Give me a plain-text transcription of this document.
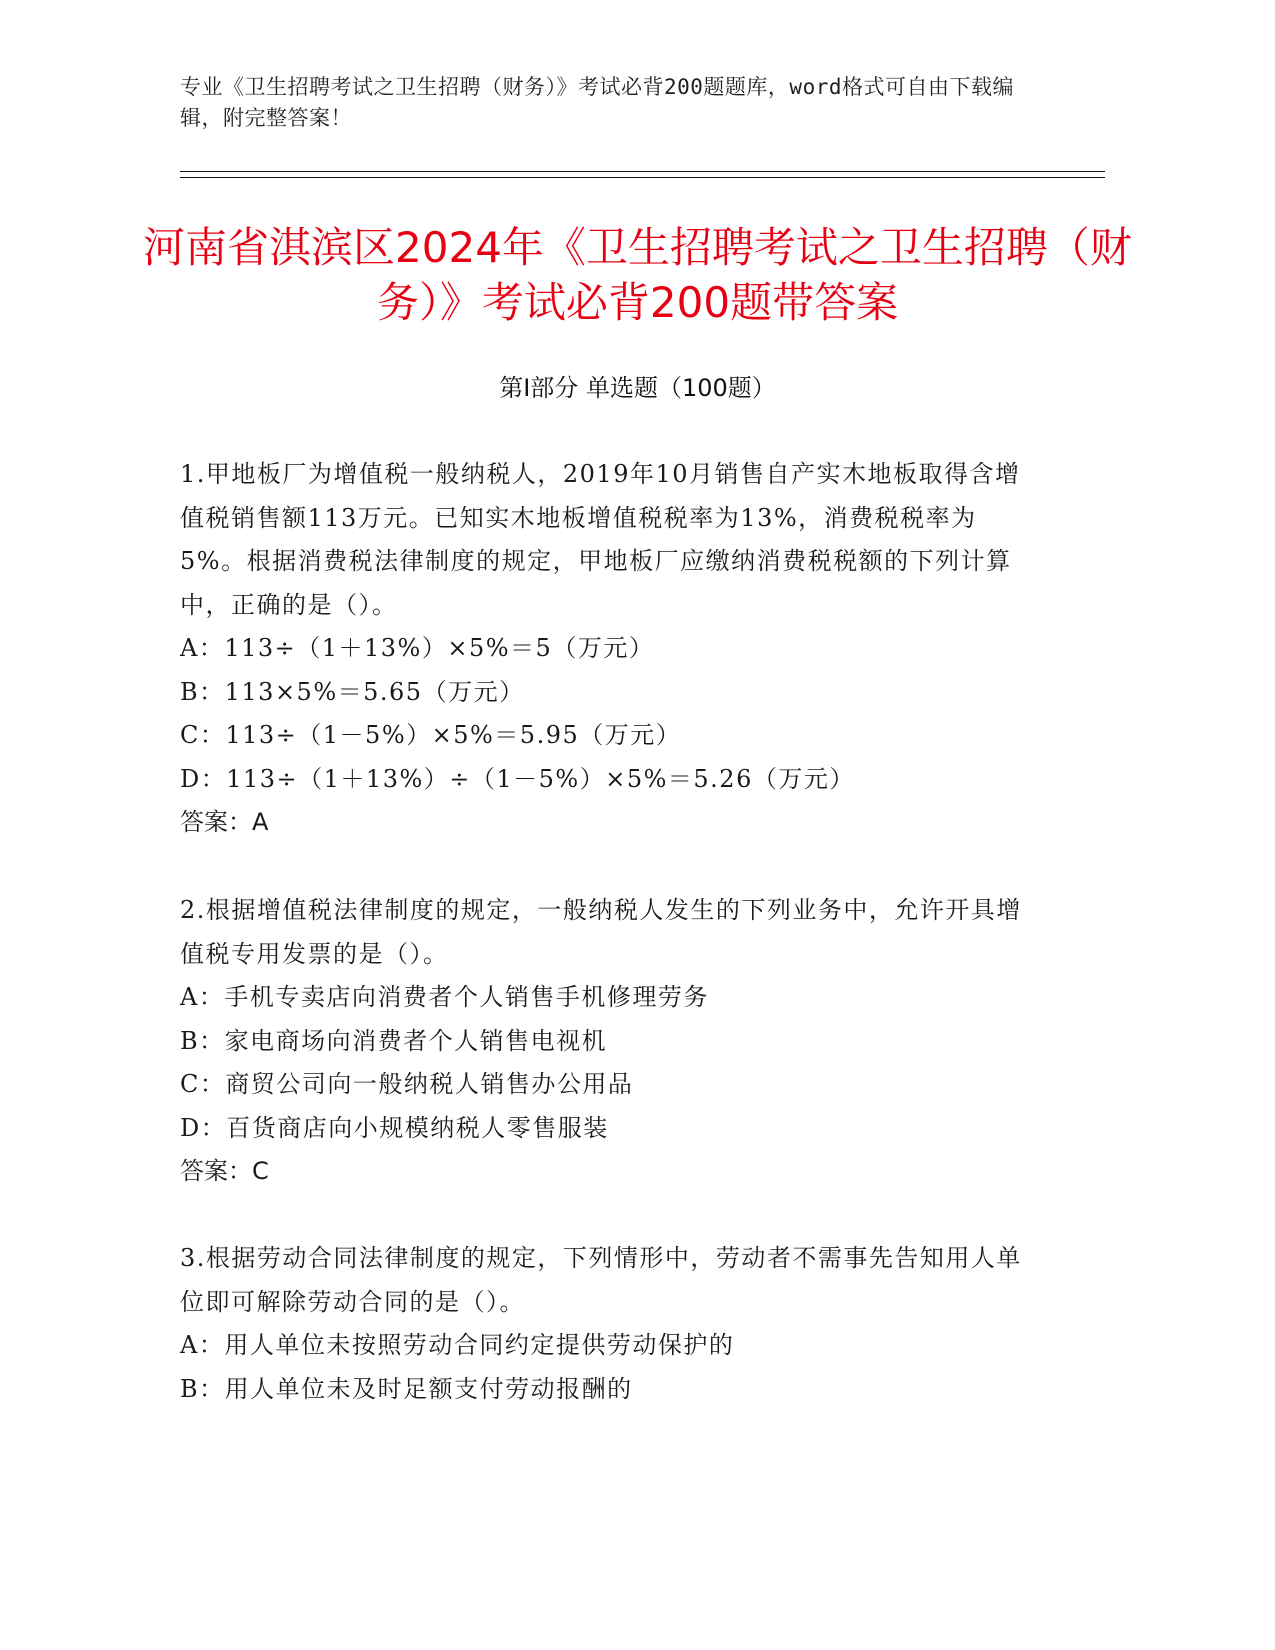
专业《卫生招聘考试之卫生招聘（财务）》考试必背200题题库，word格式可自由下载编辑，附完整答案！
河南省淇滨区2024年《卫生招聘考试之卫生招聘（财务）》考试必背200题带答案
第Ⅰ部分 单选题（100题）

1.甲地板厂为增值税一般纳税人，2019年10月销售自产实木地板取得含增值税销售额113万元。已知实木地板增值税税率为13%，消费税税率为5%。根据消费税法律制度的规定，甲地板厂应缴纳消费税税额的下列计算中，正确的是（）。

A：113÷（1＋13%）×5%＝5（万元）

B：113×5%＝5.65（万元）

C：113÷（1－5%）×5%＝5.95（万元）

D：113÷（1＋13%）÷（1－5%）×5%＝5.26（万元）

答案：A

2.根据增值税法律制度的规定，一般纳税人发生的下列业务中，允许开具增值税专用发票的是（）。

A：手机专卖店向消费者个人销售手机修理劳务

B：家电商场向消费者个人销售电视机

C：商贸公司向一般纳税人销售办公用品

D：百货商店向小规模纳税人零售服装

答案：C

3.根据劳动合同法律制度的规定，下列情形中，劳动者不需事先告知用人单位即可解除劳动合同的是（）。

A：用人单位未按照劳动合同约定提供劳动保护的

B：用人单位未及时足额支付劳动报酬的
